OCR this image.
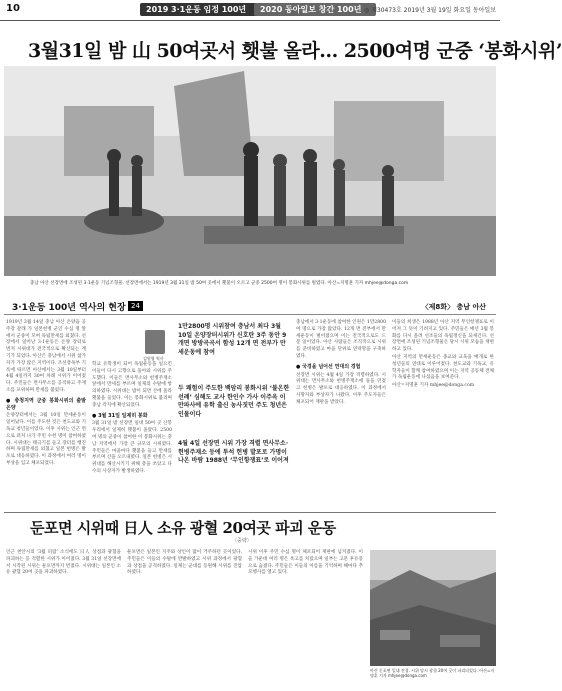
10	2019 3·1운동 임정 100년	2020 동아일보 창간 100년 ◎ 제30473호 2019년 3월 19일 화요일 동아일보
3월31일 밤 山 50여곳서 횃불 올라… 2500여명 군중 ‘봉화시위’
충남 아산 선장면에 조성된 3·1운동 기념조형물. 선장면에서는 1919년 3월 31일 밤 50여 곳에서 횃불이 오르고 군중 2500여 명이 봉화시위를 벌였다. 아산=지명훈 기자 mhjee@donga.com
3·1운동 100년 역사의 현장 24	〈제8화〉 충남 아산
김원영 역사

1919년 3월 14일 충남 아산 온양읍 공주강 갈래 가 일본헌병 군인 수십 명 앞에서 군중이 모여 독립만세를 외쳤다. 선장에서 일어난 3·1운동은 온양 장터로 번져 시위대가 전국적으로 확산되는 계기가 되었다. 아산은 충남에서 시위 참가자가 가장 많은 지역이다. 조선총독부 기록에 따르면 아산에서는 3월 10일부터 4월 4일까지 30여 차례 시위가 이어졌다. 주민들은 면사무소를 공격하고 주재소를 포위하며 만세를 불렀다.

● 충청지역 군중 봉화시위의 출발 온양

온양장터에서는 3월 10일 만세운동이 일어났다. 이를 주도한 것은 천도교와 기독교 청년들이었다. 이후 시위는 인근 면으로 퍼져 나가 주민 수천 명이 참여하였다. 시위대는 태극기를 들고 장터를 행진하며 독립만세를 외쳤고 일본 헌병은 발포로 대응하였다. 이 과정에서 여러 명이 부상을 입고 체포되었다.

학교 유학생이 되어 독립운동을 일으킨 이들이 다시 고향으로 돌아와 시위를 주도했다. 이들은 면사무소와 헌병주재소 앞에서 만세를 부르며 일제의 수탈에 항의하였다. 시위대는 밤이 되면 산에 올라 횃불을 들었다. 이는 봉화시위로 불리며 충남 각지에 확산되었다.

● 3월 31일 일제히 봉화

3월 31일 밤 선장면 일대 50여 곳 산봉우리에서 일제히 횃불이 올랐다. 2500여 명의 군중이 참여한 이 봉화시위는 충남 지역에서 가장 큰 규모의 시위였다. 주민들은 마을마다 횃불을 들고 만세를 부르며 산을 오르내렸다. 일본 헌병은 시위대를 해산시키기 위해 총을 쏘았고 다수의 사상자가 발생하였다.

1만2800명 시위참여 충남서 최다 3월 10일 온양장터시위가 신호탄 3주 동안 9개면 방방곡곡서 함성 12개 면 전부가 만세운동에 참여
두 쾌험이 주도한 백암리 봉화시위 ‘불온한 선례’ 심해도 교사 한인수 가사 이주옥 이만파사에 유학 출신 농사짓던 주도 청년은 인물이다
4월 4일 선장면 시위 가장 격렬 면사무소·헌병주재소 등에 투석 헌병 발포로 가명이 나온 바람 1988년 ‘무인항쟁표’로 이어져

충남에서 3·1운동에 참여한 인원은 1만2800여 명으로 가장 많았다. 12개 면 전부에서 만세운동이 벌어졌으며 이는 전국적으로도 드문 일이었다. 아산 사람들은 조직적으로 시위를 준비하였고 마을 단위로 연락망을 구축하였다.

● 국경을 넘어선 연대의 경험

선장면 시위는 4월 4일 가장 격렬하였다. 시위대는 면사무소와 헌병주재소에 돌을 던졌고 헌병은 발포로 대응하였다. 이 과정에서 사망자와 부상자가 나왔다. 이후 주도자들은 체포되어 재판을 받았다.

이들의 희생은 1988년 아산 지역 무인항쟁표로 이어져 그 뜻이 기려지고 있다. 주민들은 매년 3월 봉화를 다시 올려 선조들의 독립정신을 되새긴다. 선장면에 조성된 기념조형물은 당시 시위 모습을 재현하고 있다.

아산 지역의 만세운동은 종교와 교육을 매개로 한 청년들의 연대로 이루어졌다. 천도교와 기독교, 유학자들이 함께 참여하였으며 이는 지역 공동체 전체가 독립운동에 나섰음을 보여준다.

아산=지명훈 기자 mhjee@donga.com

둔포면 시위때 日人 소유 광혈 20여곳 파괴 운동
〈중략〉

인근 천안시의 ‘3월 피랍’ 소식에도 日人 상점과 광혈을 파괴하는 등 격렬한 시위가 이어졌다. 3월 31일 선장면에서 시작된 시위는 둔포면까지 번졌다. 시위대는 일본인 소유 광혈 20여 곳을 파괴하였다.

둔포면은 일본인 지주와 상인이 많이 거주하던 곳이었다. 주민들은 이들의 수탈에 반발하였고 시위 과정에서 광혈과 상점을 공격하였다. 일제는 군대를 동원해 시위를 진압하였다.

시위 이후 주민 수십 명이 체포되어 재판에 넘겨졌다. 이들 가운데 여러 명은 옥고를 치렀으며 일부는 고문 후유증으로 숨졌다. 주민들은 이들의 이름을 기억하며 해마다 추모행사를 열고 있다.

아산 둔포면 일대 전경. 시위 당시 광혈 20여 곳이 파괴되었다. 아산=지명훈 기자 mhjee@donga.com
